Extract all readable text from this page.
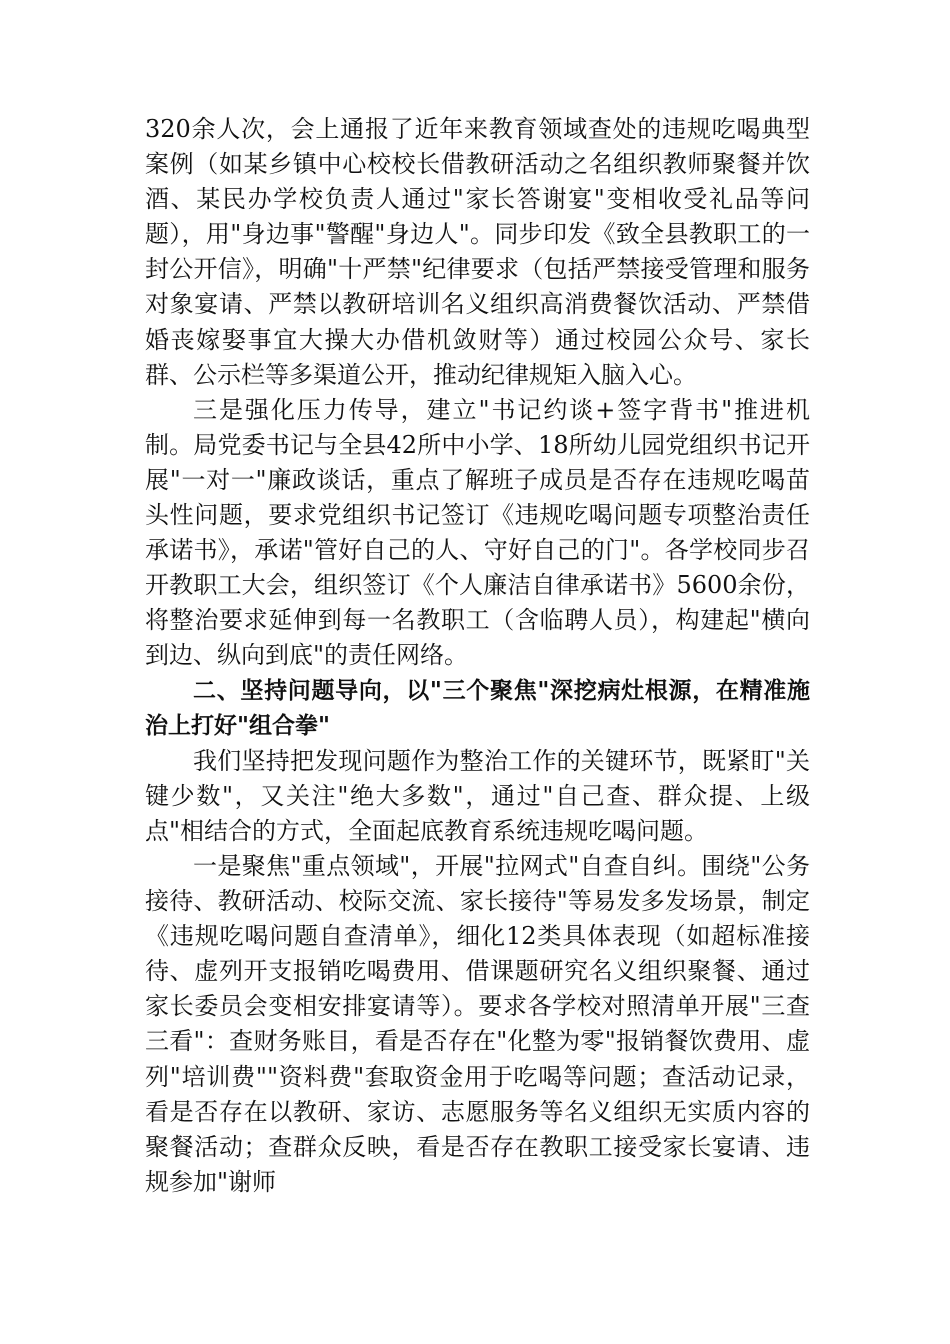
320余人次，会上通报了近年来教育领域查处的违规吃喝典型案例（如某乡镇中心校校长借教研活动之名组织教师聚餐并饮酒、某民办学校负责人通过"家长答谢宴"变相收受礼品等问题），用"身边事"警醒"身边人"。同步印发《致全县教职工的一封公开信》，明确"十严禁"纪律要求（包括严禁接受管理和服务对象宴请、严禁以教研培训名义组织高消费餐饮活动、严禁借婚丧嫁娶事宜大操大办借机敛财等）通过校园公众号、家长群、公示栏等多渠道公开，推动纪律规矩入脑入心。

三是强化压力传导，建立"书记约谈+签字背书"推进机制。局党委书记与全县42所中小学、18所幼儿园党组织书记开展"一对一"廉政谈话，重点了解班子成员是否存在违规吃喝苗头性问题，要求党组织书记签订《违规吃喝问题专项整治责任承诺书》，承诺"管好自己的人、守好自己的门"。各学校同步召开教职工大会，组织签订《个人廉洁自律承诺书》5600余份，将整治要求延伸到每一名教职工（含临聘人员），构建起"横向到边、纵向到底"的责任网络。

二、坚持问题导向，以"三个聚焦"深挖病灶根源，在精准施治上打好"组合拳"

我们坚持把发现问题作为整治工作的关键环节，既紧盯"关键少数"，又关注"绝大多数"，通过"自己查、群众提、上级点"相结合的方式，全面起底教育系统违规吃喝问题。

一是聚焦"重点领域"，开展"拉网式"自查自纠。围绕"公务接待、教研活动、校际交流、家长接待"等易发多发场景，制定《违规吃喝问题自查清单》，细化12类具体表现（如超标准接待、虚列开支报销吃喝费用、借课题研究名义组织聚餐、通过家长委员会变相安排宴请等）。要求各学校对照清单开展"三查三看"：查财务账目，看是否存在"化整为零"报销餐饮费用、虚列"培训费""资料费"套取资金用于吃喝等问题；查活动记录，看是否存在以教研、家访、志愿服务等名义组织无实质内容的聚餐活动；查群众反映，看是否存在教职工接受家长宴请、违规参加"谢师
